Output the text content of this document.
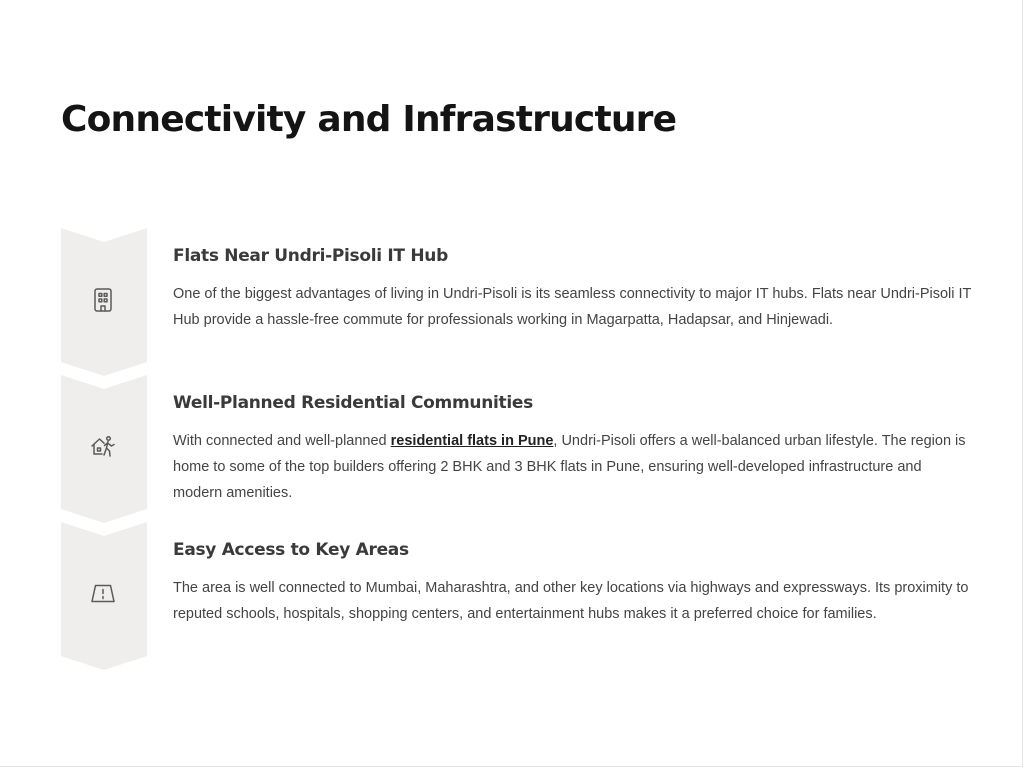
Connectivity and Infrastructure
Flats Near Undri-Pisoli IT Hub

One of the biggest advantages of living in Undri-Pisoli is its seamless connectivity to major IT hubs. Flats near Undri-Pisoli IT Hub provide a hassle-free commute for professionals working in Magarpatta, Hadapsar, and Hinjewadi.

Well-Planned Residential Communities

With connected and well-planned residential flats in Pune, Undri-Pisoli offers a well-balanced urban lifestyle. The region is home to some of the top builders offering 2 BHK and 3 BHK flats in Pune, ensuring well-developed infrastructure and modern amenities.

Easy Access to Key Areas

The area is well connected to Mumbai, Maharashtra, and other key locations via highways and expressways. Its proximity to reputed schools, hospitals, shopping centers, and entertainment hubs makes it a preferred choice for families.
